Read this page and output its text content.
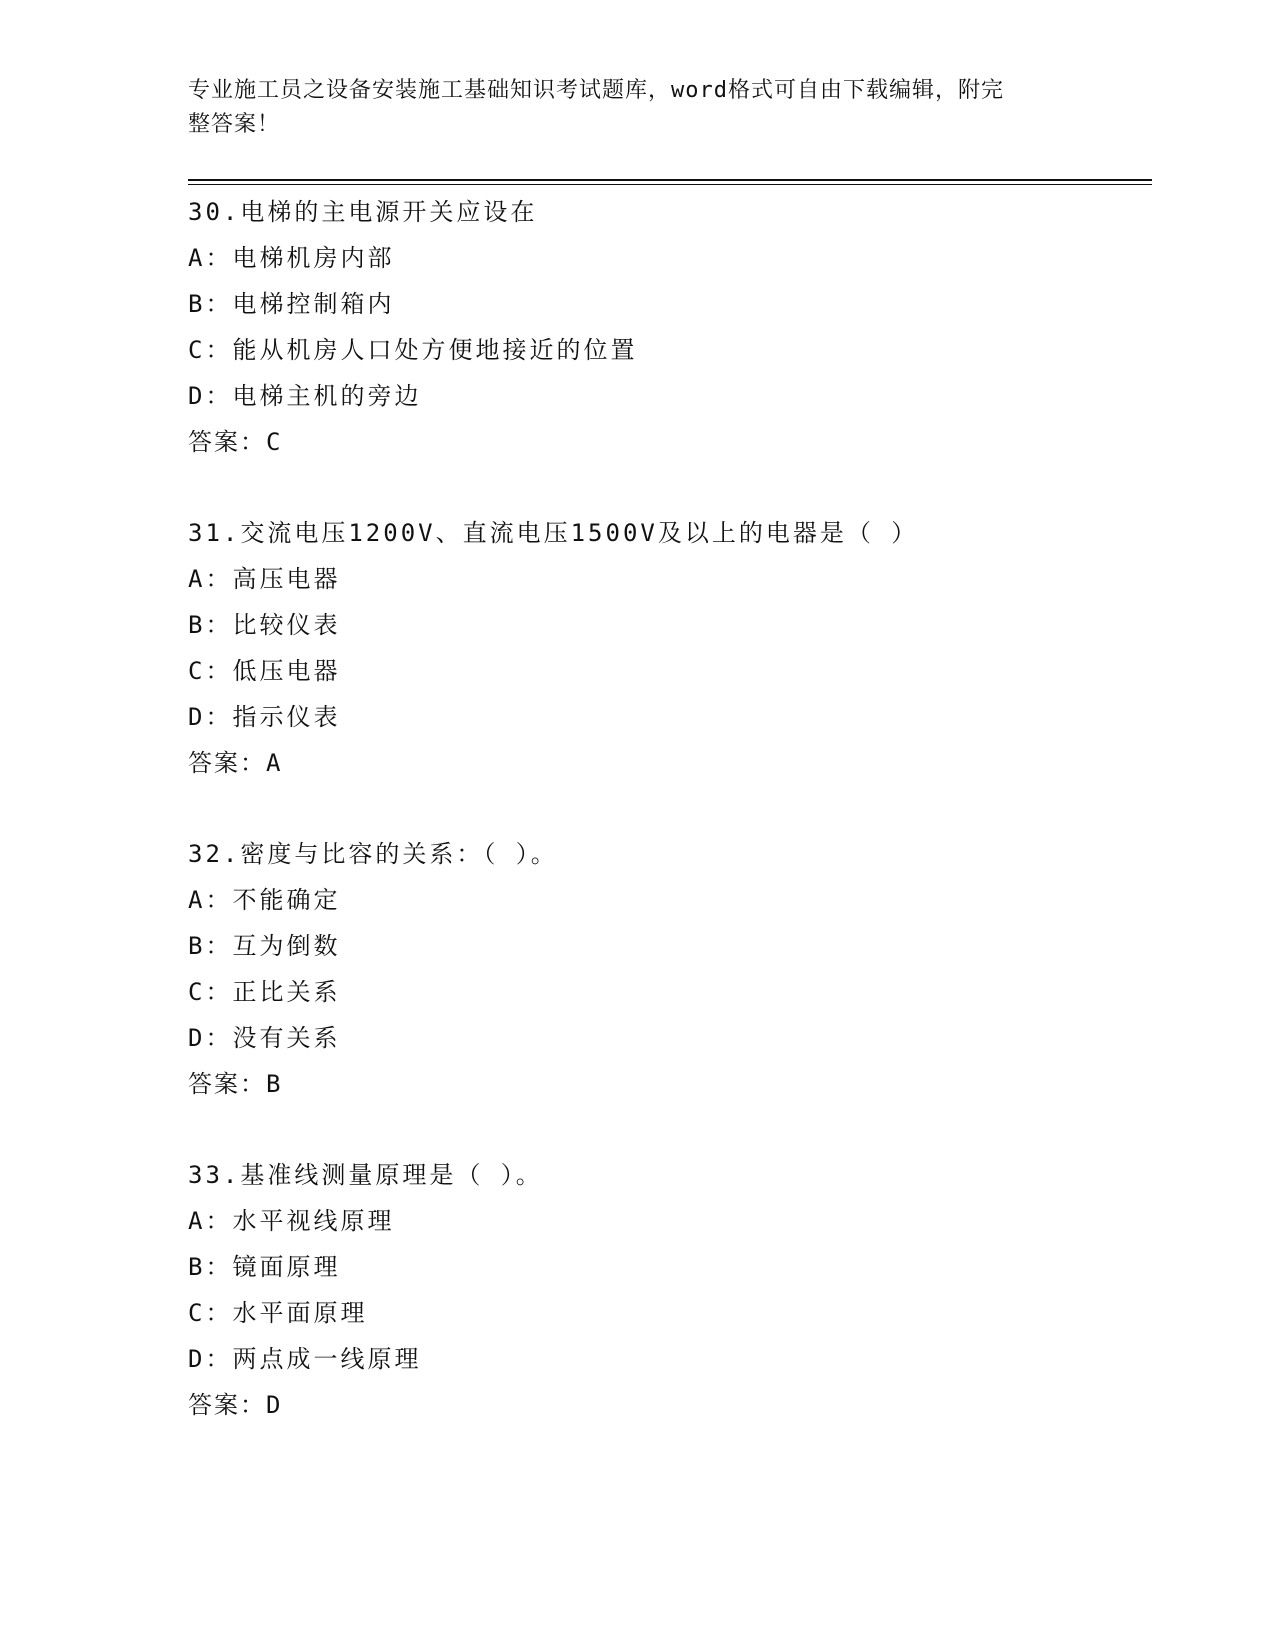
专业施工员之设备安装施工基础知识考试题库，word格式可自由下载编辑，附完
整答案！
30.电梯的主电源开关应设在
A：电梯机房内部
B：电梯控制箱内
C：能从机房人口处方便地接近的位置
D：电梯主机的旁边
答案：C
31.交流电压1200V、直流电压1500V及以上的电器是（ ）
A：高压电器
B：比较仪表
C：低压电器
D：指示仪表
答案：A
32.密度与比容的关系：（ ）。
A：不能确定
B：互为倒数
C：正比关系
D：没有关系
答案：B
33.基准线测量原理是（ ）。
A：水平视线原理
B：镜面原理
C：水平面原理
D：两点成一线原理
答案：D
